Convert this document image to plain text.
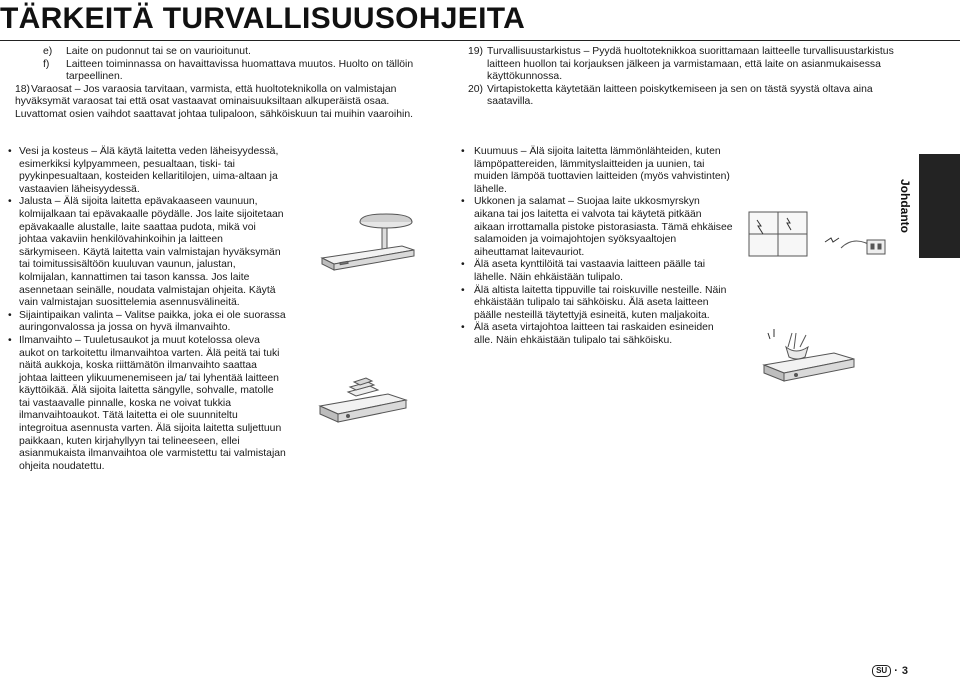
TÄRKEITÄ TURVALLISUUSOHJEITA
e)	Laite on pudonnut tai se on vaurioitunut.

f)	Laitteen toiminnassa on havaittavissa huomattava muutos. Huolto on tällöin tarpeellinen.

18) Varaosat – Jos varaosia tarvitaan, varmista, että huoltoteknikolla on valmistajan hyväksymät varaosat tai että osat vastaavat ominaisuuksiltaan alkuperäistä osaa. Luvattomat osien vaihdot saattavat johtaa tulipaloon, sähköiskuun tai muihin vaaroihin.

19) Turvallisuustarkistus – Pyydä huoltoteknikkoa suorittamaan laitteelle turvallisuustarkistus laitteen huollon tai korjauksen jälkeen ja varmistamaan, että laite on asianmukaisessa käyttökunnossa.

20) Virtapistoketta käytetään laitteen poiskytkemiseen ja sen on tästä syystä oltava aina saatavilla.

• Vesi ja kosteus – Älä käytä laitetta veden läheisyydessä, esimerkiksi kylpyammeen, pesualtaan, tiski- tai pyykinpesualtaan, kosteiden kellaritilojen, uima-altaan ja vastaavien läheisyydessä.

• Jalusta – Älä sijoita laitetta epävakaaseen vaunuun, kolmijalkaan tai epävakaalle pöydälle. Jos laite sijoitetaan epävakaalle alustalle, laite saattaa pudota, mikä voi johtaa vakaviin henkilövahinkoihin ja laitteen särkymiseen. Käytä laitetta vain valmistajan hyväksymän tai toimitussisältöön kuuluvan vaunun, jalustan, kolmijalan, kannattimen tai tason kanssa. Jos laite asennetaan seinälle, noudata valmistajan ohjeita. Käytä vain valmistajan suosittelemia asennusvälineitä.

• Sijaintipaikan valinta – Valitse paikka, joka ei ole suorassa auringonvalossa ja jossa on hyvä ilmanvaihto.

• Ilmanvaihto – Tuuletusaukot ja muut kotelossa oleva aukot on tarkoitettu ilmanvaihtoa varten. Älä peitä tai tuki näitä aukkoja, koska riittämätön ilmanvaihto saattaa johtaa laitteen ylikuumenemiseen ja/ tai lyhentää laitteen käyttöikää. Älä sijoita laitetta sängylle, sohvalle, matolle tai vastaavalle pinnalle, koska ne voivat tukkia ilmanvaihtoaukot. Tätä laitetta ei ole suunniteltu integroitua asennusta varten. Älä sijoita laitetta suljettuun paikkaan, kuten kirjahyllyyn tai telineeseen, ellei asianmukaista ilmanvaihtoa ole varmistettu tai valmistajan ohjeita noudatettu.

• Kuumuus – Älä sijoita laitetta lämmönlähteiden, kuten lämpöpattereiden, lämmityslaitteiden ja uunien, tai muiden lämpöä tuottavien laitteiden (myös vahvistinten) lähelle.

• Ukkonen ja salamat – Suojaa laite ukkosmyrskyn aikana tai jos laitetta ei valvota tai käytetä pitkään aikaan irrottamalla pistoke pistorasiasta. Tämä ehkäisee salamoiden ja voimajohtojen syöksyaaltojen aiheuttamat laitevauriot.

• Älä aseta kynttilöitä tai vastaavia laitteen päälle tai lähelle. Näin ehkäistään tulipalo.

• Älä altista laitetta tippuville tai roiskuville nesteille. Näin ehkäistään tulipalo tai sähköisku. Älä aseta laitteen päälle nesteillä täytettyjä esineitä, kuten maljakoita.

• Älä aseta virtajohtoa laitteen tai raskaiden esineiden alle. Näin ehkäistään tulipalo tai sähköisku.

Johdanto
SU · 3
